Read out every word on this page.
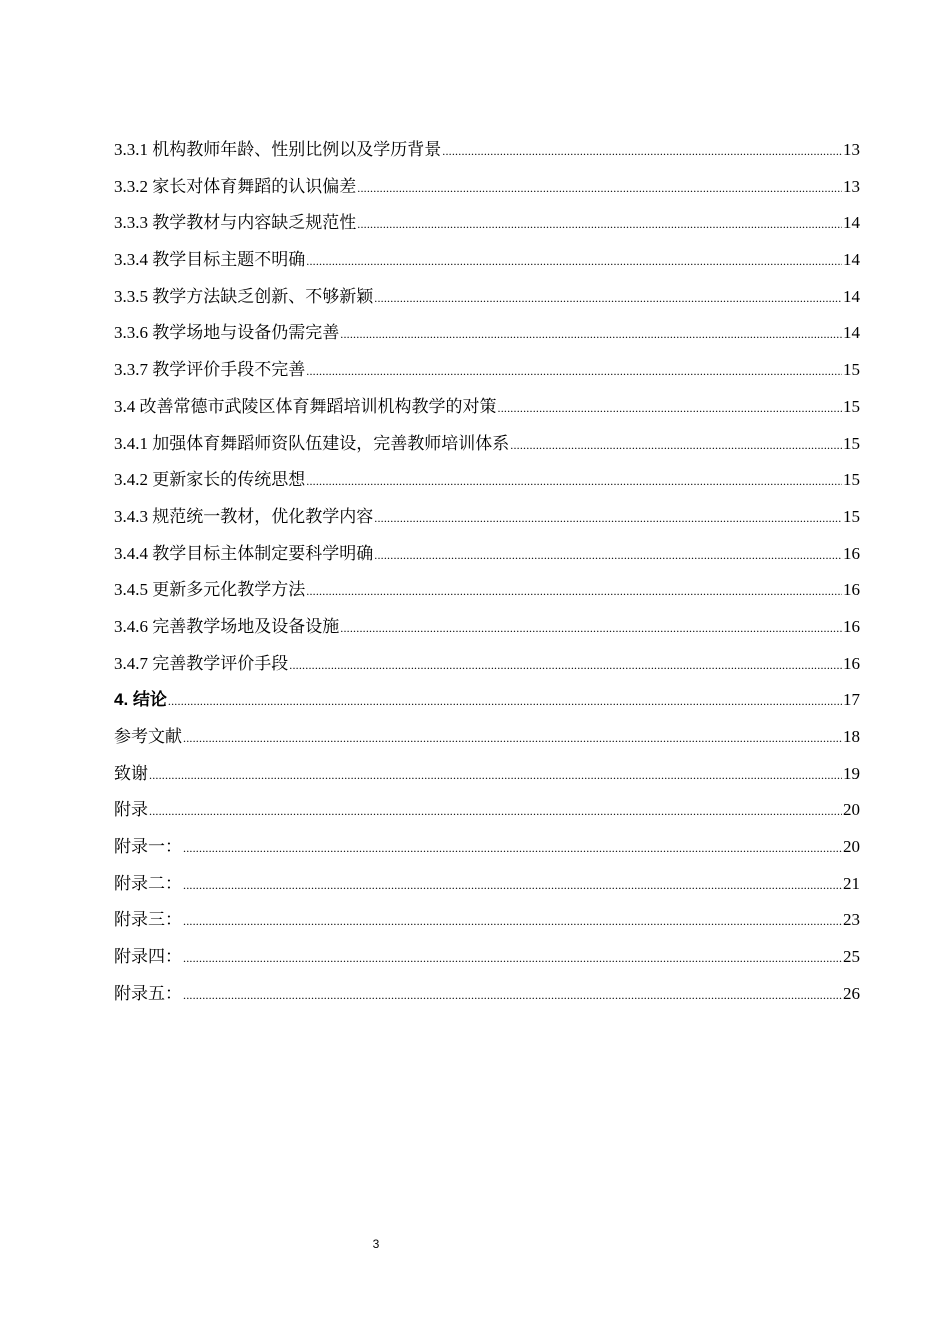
3.3.1 机构教师年龄、性别比例以及学历背景 .....	13
3.3.2 家长对体育舞蹈的认识偏差 .....	13
3.3.3 教学教材与内容缺乏规范性 .....	14
3.3.4 教学目标主题不明确 .....	14
3.3.5 教学方法缺乏创新、不够新颖 .....	14
3.3.6 教学场地与设备仍需完善 .....	14
3.3.7 教学评价手段不完善 .....	15
3.4 改善常德市武陵区体育舞蹈培训机构教学的对策 .....	15
3.4.1 加强体育舞蹈师资队伍建设，完善教师培训体系 .....	15
3.4.2 更新家长的传统思想 .....	15
3.4.3 规范统一教材，优化教学内容 .....	15
3.4.4 教学目标主体制定要科学明确 .....	16
3.4.5 更新多元化教学方法 .....	16
3.4.6 完善教学场地及设备设施 .....	16
3.4.7 完善教学评价手段 .....	16
4. 结论 .....	17
参考文献 .....	18
致谢 .....	19
附录 .....	20
附录一： .....	20
附录二： .....	21
附录三： .....	23
附录四： .....	25
附录五： .....	26
3
